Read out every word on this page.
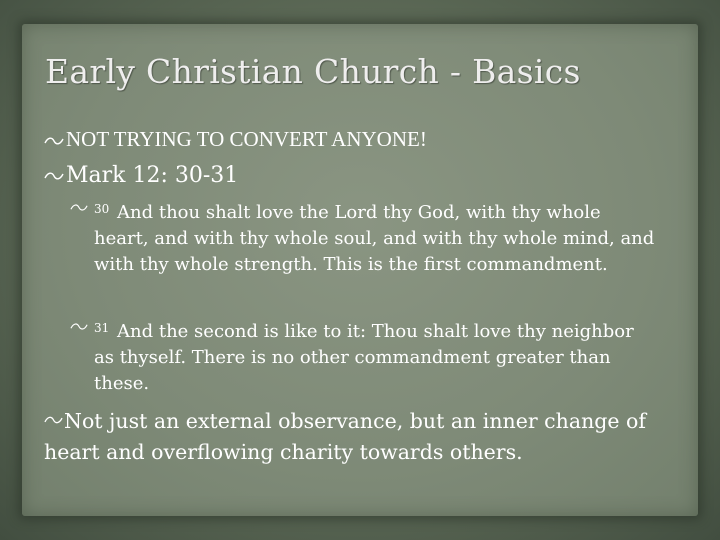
Early Christian Church - Basics
NOT TRYING TO CONVERT ANYONE!
Mark 12: 30-31
$^{30}$ And thou shalt love the Lord thy God, with thy whole heart, and with thy whole soul, and with thy whole mind, and with thy whole strength. This is the first commandment.
$^{31}$ And the second is like to it: Thou shalt love thy neighbor as thyself. There is no other commandment greater than these.
Not just an external observance, but an inner change of heart and overflowing charity towards others.
